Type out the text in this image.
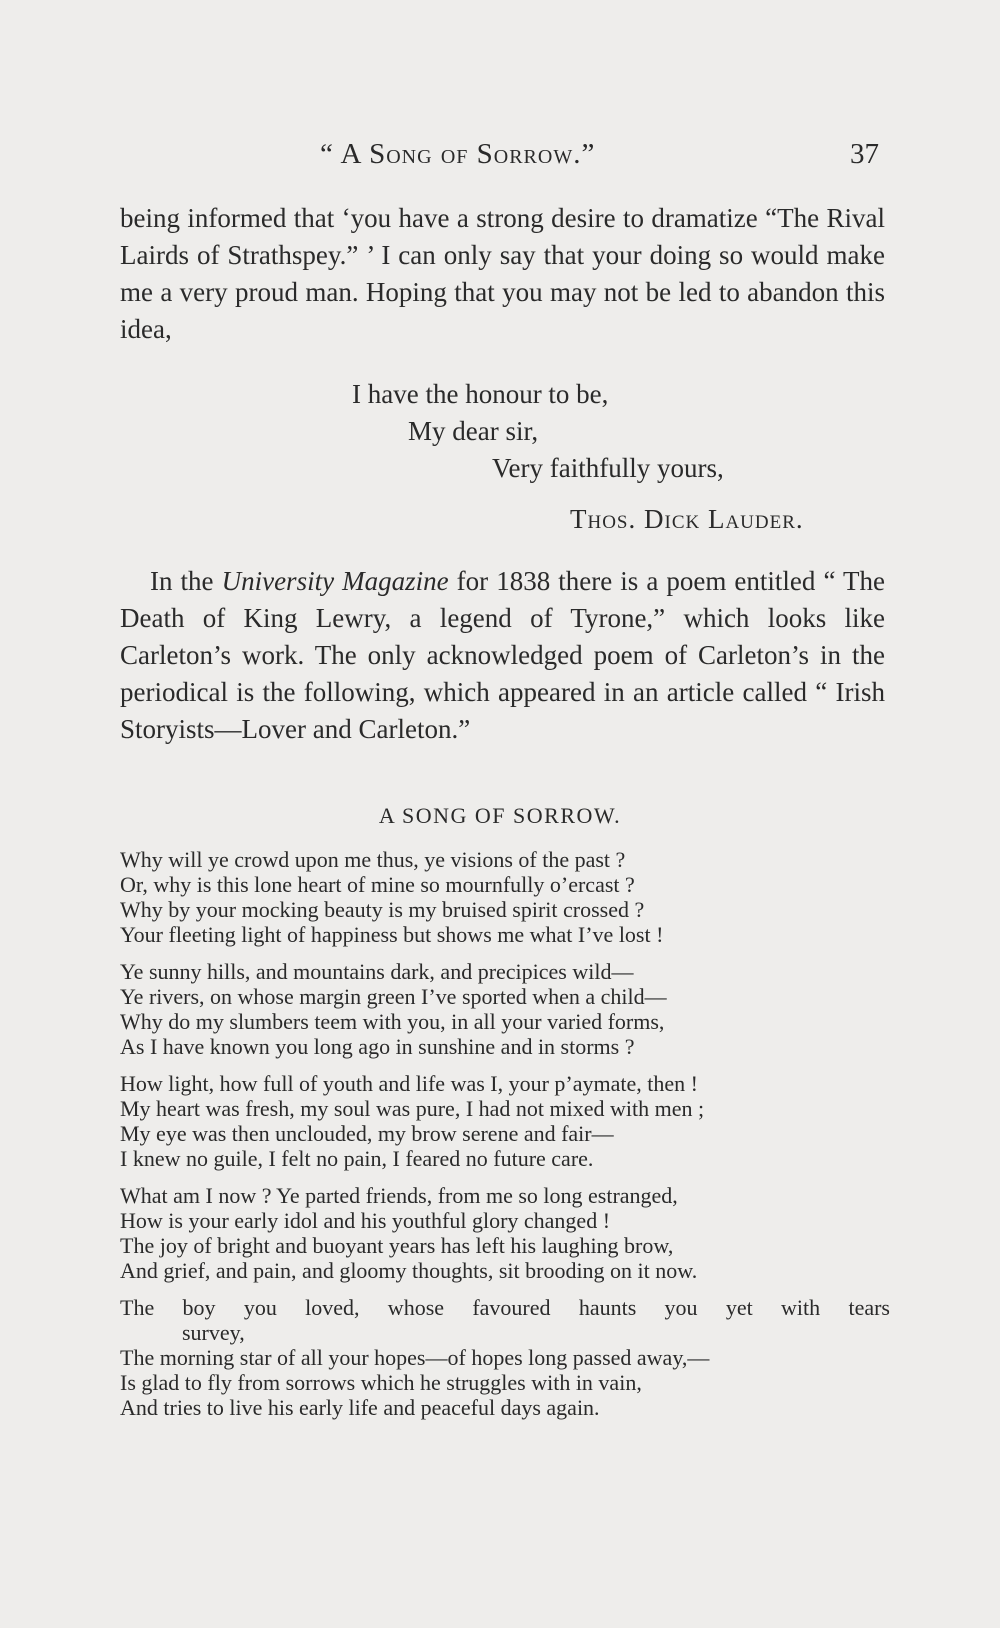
“ A Song of Sorrow.”	37

being informed that ‘you have a strong desire to dramatize “The Rival Lairds of Strathspey.” ’ I can only say that your doing so would make me a very proud man. Hoping that you may not be led to abandon this idea,

I have the honour to be,
My dear sir,
Very faithfully yours,
Thos. Dick Lauder.

In the University Magazine for 1838 there is a poem entitled “ The Death of King Lewry, a legend of Tyrone,” which looks like Carleton’s work. The only acknowledged poem of Carleton’s in the periodical is the following, which appeared in an article called “ Irish Storyists—Lover and Carleton.”

A SONG OF SORROW.
Why will ye crowd upon me thus, ye visions of the past ?
Or, why is this lone heart of mine so mournfully o’ercast ?
Why by your mocking beauty is my bruised spirit crossed ?
Your fleeting light of happiness but shows me what I’ve lost !
Ye sunny hills, and mountains dark, and precipices wild—
Ye rivers, on whose margin green I’ve sported when a child—
Why do my slumbers teem with you, in all your varied forms,
As I have known you long ago in sunshine and in storms ?
How light, how full of youth and life was I, your p’aymate, then !
My heart was fresh, my soul was pure, I had not mixed with men ;
My eye was then unclouded, my brow serene and fair—
I knew no guile, I felt no pain, I feared no future care.
What am I now ? Ye parted friends, from me so long estranged,
How is your early idol and his youthful glory changed !
The joy of bright and buoyant years has left his laughing brow,
And grief, and pain, and gloomy thoughts, sit brooding on it now.
The boy you loved, whose favoured haunts you yet with tears
survey,
The morning star of all your hopes—of hopes long passed away,—
Is glad to fly from sorrows which he struggles with in vain,
And tries to live his early life and peaceful days again.
